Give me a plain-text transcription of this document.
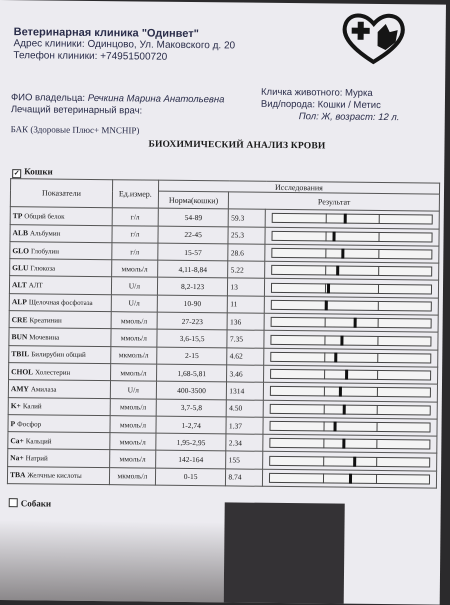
Ветеринарная клиника "Одинвет"
Адрес клиники: Одинцово, Ул. Маковского д. 20
Телефон клиники: +74951500720
ФИО владельца: Речкина Марина Анатольевна
Лечащий ветеринарный врач:
Кличка животного: Мурка
Вид/порода: Кошки / Метис
Пол: Ж, возраст: 12 л.
БАК (Здоровые Плюс+ MNCHIP)
БИОХИМИЧЕСКИЙ АНАЛИЗ КРОВИ
✓ Кошки
Показатели	Ед.измер.	Исследования		
		Норма(кошки)	Результат	
TP Общий белок	г/л	54-89	59.3	

ALB Альбумин	г/л	22-45	25.3	

GLO Глобулин	г/л	15-57	28.6	

GLU Глюкоза	ммоль/л	4,11-8,84	5.22	

ALT АЛТ	U/л	8,2-123	13	

ALP Щелочная фосфотаза	U/л	10-90	11	

CRE Креатинин	ммоль/л	27-223	136	

BUN Мочевина	ммоль/л	3,6-15,5	7.35	

TBIL Билирубин общий	мкмоль/л	2-15	4.62	

CHOL Холестерин	ммоль/л	1,68-5,81	3.46	

AMY Амилаза	U/л	400-3500	1314	

K+ Калий	ммоль/л	3,7-5,8	4.50	

P Фосфор	ммоль/л	1-2,74	1.37	

Ca+ Кальций	ммоль/л	1,95-2,95	2.34	

Na+ Натрий	ммоль/л	142-164	155	

TBA Желчные кислоты	мкмоль/л	0-15	8.74	
Собаки
